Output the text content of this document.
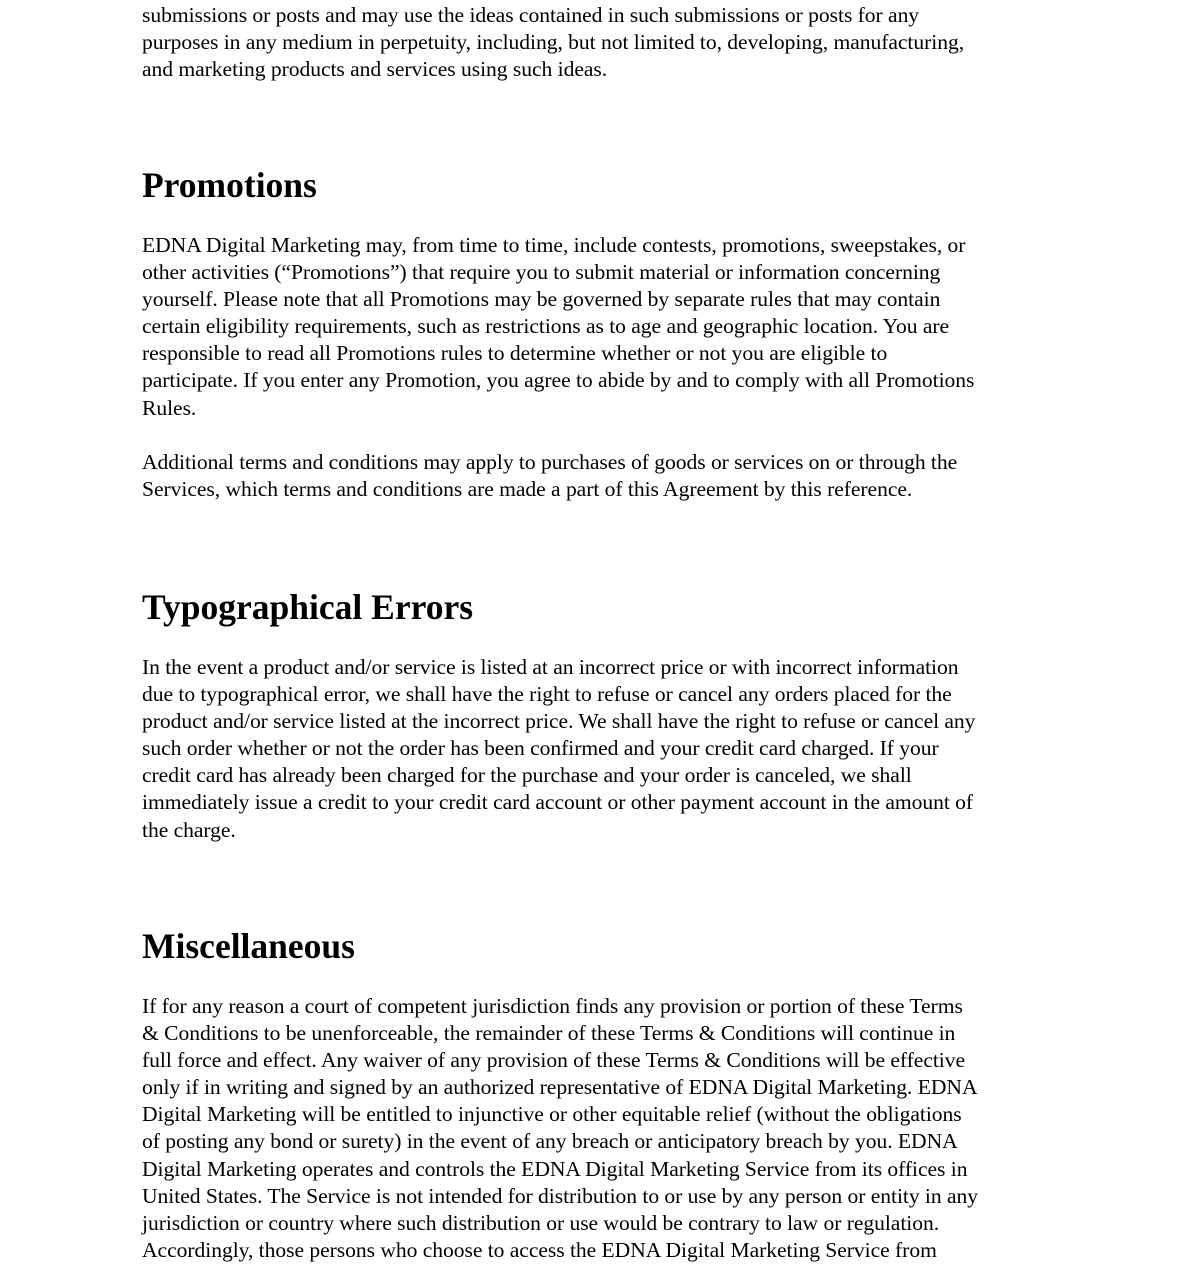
submissions or posts and may use the ideas contained in such submissions or posts for any
purposes in any medium in perpetuity, including, but not limited to, developing, manufacturing,
and marketing products and services using such ideas.

Promotions

EDNA Digital Marketing may, from time to time, include contests, promotions, sweepstakes, or
other activities (“Promotions”) that require you to submit material or information concerning
yourself. Please note that all Promotions may be governed by separate rules that may contain
certain eligibility requirements, such as restrictions as to age and geographic location. You are
responsible to read all Promotions rules to determine whether or not you are eligible to
participate. If you enter any Promotion, you agree to abide by and to comply with all Promotions
Rules.

Additional terms and conditions may apply to purchases of goods or services on or through the
Services, which terms and conditions are made a part of this Agreement by this reference.

Typographical Errors

In the event a product and/or service is listed at an incorrect price or with incorrect information
due to typographical error, we shall have the right to refuse or cancel any orders placed for the
product and/or service listed at the incorrect price. We shall have the right to refuse or cancel any
such order whether or not the order has been confirmed and your credit card charged. If your
credit card has already been charged for the purchase and your order is canceled, we shall
immediately issue a credit to your credit card account or other payment account in the amount of
the charge.

Miscellaneous

If for any reason a court of competent jurisdiction finds any provision or portion of these Terms
& Conditions to be unenforceable, the remainder of these Terms & Conditions will continue in
full force and effect. Any waiver of any provision of these Terms & Conditions will be effective
only if in writing and signed by an authorized representative of EDNA Digital Marketing. EDNA
Digital Marketing will be entitled to injunctive or other equitable relief (without the obligations
of posting any bond or surety) in the event of any breach or anticipatory breach by you. EDNA
Digital Marketing operates and controls the EDNA Digital Marketing Service from its offices in
United States. The Service is not intended for distribution to or use by any person or entity in any
jurisdiction or country where such distribution or use would be contrary to law or regulation.
Accordingly, those persons who choose to access the EDNA Digital Marketing Service from
